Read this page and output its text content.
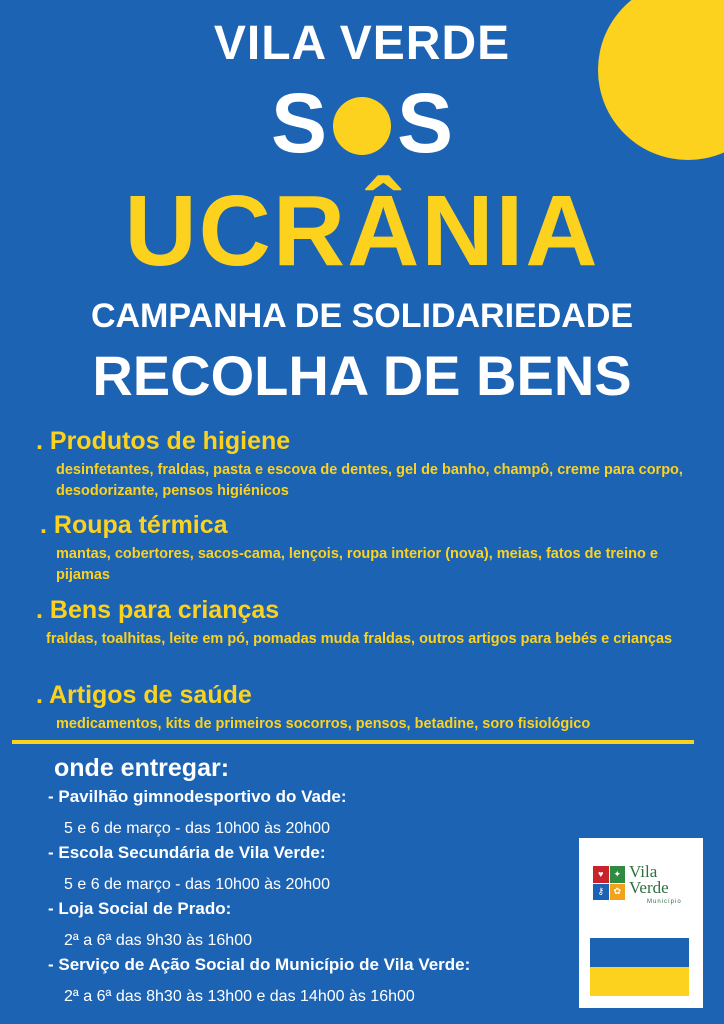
VILA VERDE
S S
UCRÂNIA
CAMPANHA DE SOLIDARIEDADE
RECOLHA DE BENS
. Produtos de higiene
desinfetantes, fraldas, pasta e escova de dentes, gel de banho, champô, creme para corpo, desodorizante, pensos higiénicos
. Roupa térmica
mantas, cobertores, sacos-cama, lençois, roupa interior (nova), meias, fatos de treino e pijamas
. Bens para crianças
fraldas, toalhitas, leite em pó, pomadas muda fraldas, outros artigos para bebés e crianças
. Artigos de saúde
medicamentos, kits de primeiros socorros, pensos, betadine, soro fisiológico
onde entregar:
- Pavilhão gimnodesportivo do Vade:
5 e 6 de março - das 10h00 às 20h00
- Escola Secundária de Vila Verde:
5 e 6 de março - das 10h00 às 20h00
- Loja Social de Prado:
2ª a 6ª das 9h30 às 16h00
- Serviço de Ação Social do Município de Vila Verde:
2ª a 6ª das 8h30 às 13h00 e das 14h00 às 16h00
♥	✦
⚷	✿
Vila
Verde
Município
